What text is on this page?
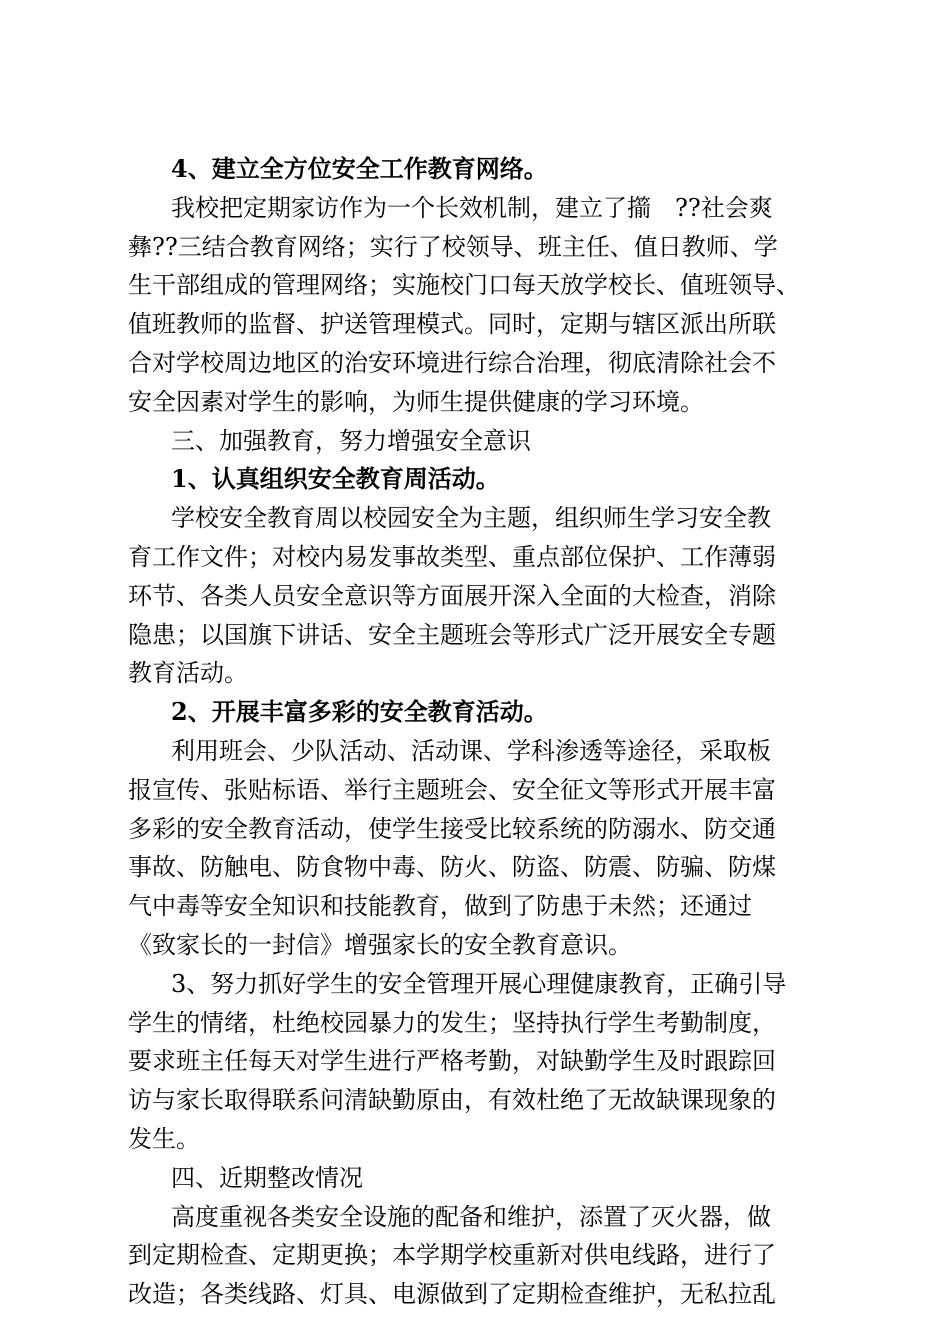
4、建立全方位安全工作教育网络。
我校把定期家访作为一个长效机制，建立了擶　??社会爽
彝??三结合教育网络；实行了校领导、班主任、值日教师、学
生干部组成的管理网络；实施校门口每天放学校长、值班领导、
值班教师的监督、护送管理模式。同时，定期与辖区派出所联
合对学校周边地区的治安环境进行综合治理，彻底清除社会不
安全因素对学生的影响，为师生提供健康的学习环境。
三、加强教育，努力增强安全意识
1、认真组织安全教育周活动。
学校安全教育周以校园安全为主题，组织师生学习安全教
育工作文件；对校内易发事故类型、重点部位保护、工作薄弱
环节、各类人员安全意识等方面展开深入全面的大检查，消除
隐患；以国旗下讲话、安全主题班会等形式广泛开展安全专题
教育活动。
2、开展丰富多彩的安全教育活动。
利用班会、少队活动、活动课、学科渗透等途径，采取板
报宣传、张贴标语、举行主题班会、安全征文等形式开展丰富
多彩的安全教育活动，使学生接受比较系统的防溺水、防交通
事故、防触电、防食物中毒、防火、防盗、防震、防骗、防煤
气中毒等安全知识和技能教育，做到了防患于未然；还通过
《致家长的一封信》增强家长的安全教育意识。
3、努力抓好学生的安全管理开展心理健康教育，正确引导
学生的情绪，杜绝校园暴力的发生；坚持执行学生考勤制度，
要求班主任每天对学生进行严格考勤，对缺勤学生及时跟踪回
访与家长取得联系问清缺勤原由，有效杜绝了无故缺课现象的
发生。
四、近期整改情况
高度重视各类安全设施的配备和维护，添置了灭火器，做
到定期检查、定期更换；本学期学校重新对供电线路，进行了
改造；各类线路、灯具、电源做到了定期检查维护，无私拉乱
